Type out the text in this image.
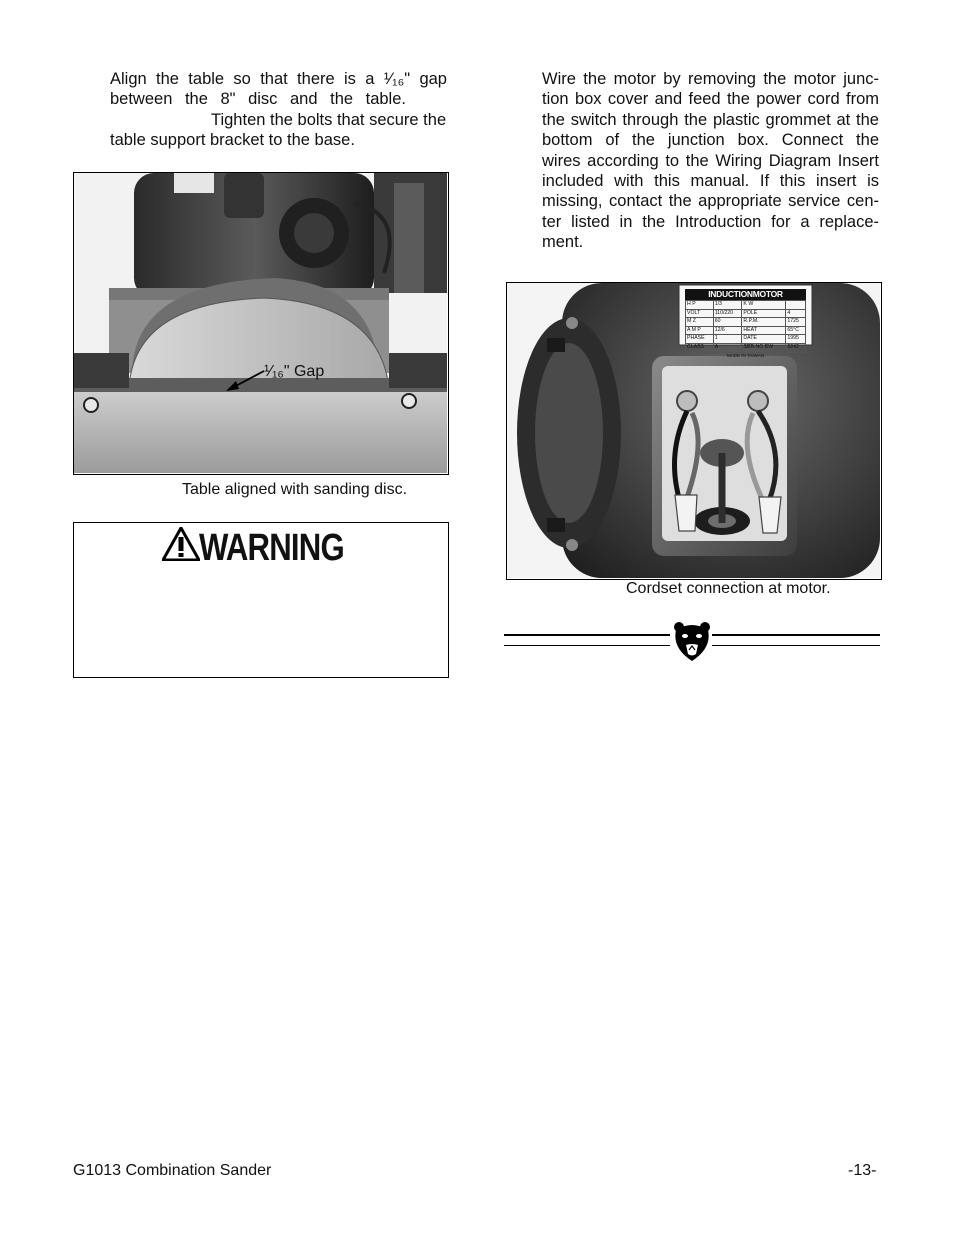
Align the table so that there is a ¹⁄₁₆" gap
between the 8" disc and the table.
Tighten the bolts that secure the
table support bracket to the base.
¹⁄₁₆" Gap
Table aligned with sanding disc.
WARNING
Wire the motor by removing the motor junc-
tion box cover and feed the power cord from
the switch through the plastic grommet at the
bottom of the junction box. Connect the
wires according to the Wiring Diagram Insert
included with this manual. If this insert is
missing, contact the appropriate service cen-
ter listed in the Introduction for a replace-
ment.
INDUCTIONMOTOR
H P	1/3	K W	
VOLT	110/220	POLE	4
M Z	60	R.P.M.	1725
A M P	12/6	HEAT	65°C
PHASE	1	DATE	1995
CLASS	A	SER.NO EW	3242
MADE IN TAIWAN
Cordset connection at motor.
G1013 Combination Sander	-13-
